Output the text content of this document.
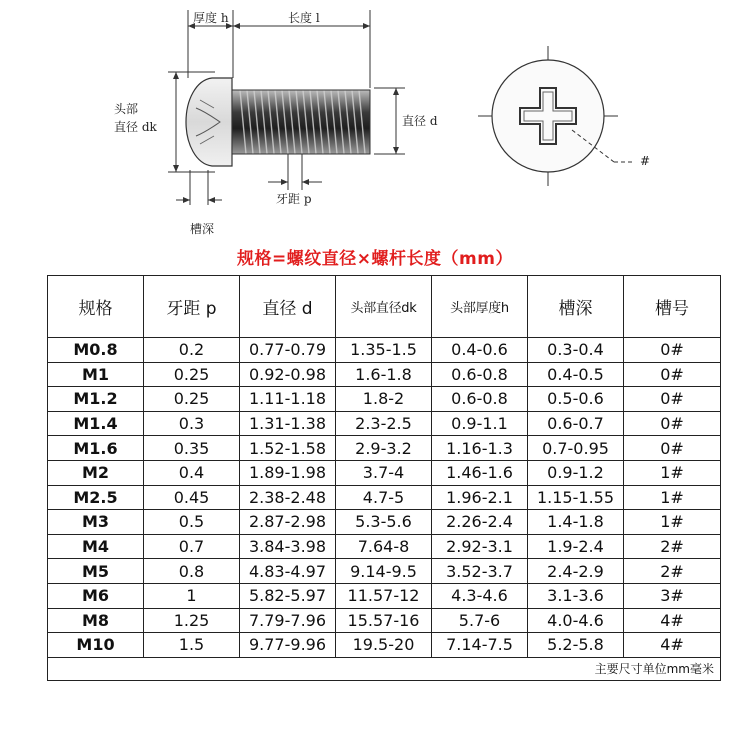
厚度 h	长度 l
头部
直径 dk	直径 d
牙距 p
槽深
#
规格=螺纹直径×螺杆长度（mm）
规格	牙距 p	直径 d	头部直径dk	头部厚度h	槽深	槽号
M0.8	0.2	0.77-0.79	1.35-1.5	0.4-0.6	0.3-0.4	0#
M1	0.25	0.92-0.98	1.6-1.8	0.6-0.8	0.4-0.5	0#
M1.2	0.25	1.11-1.18	1.8-2	0.6-0.8	0.5-0.6	0#
M1.4	0.3	1.31-1.38	2.3-2.5	0.9-1.1	0.6-0.7	0#
M1.6	0.35	1.52-1.58	2.9-3.2	1.16-1.3	0.7-0.95	0#
M2	0.4	1.89-1.98	3.7-4	1.46-1.6	0.9-1.2	1#
M2.5	0.45	2.38-2.48	4.7-5	1.96-2.1	1.15-1.55	1#
M3	0.5	2.87-2.98	5.3-5.6	2.26-2.4	1.4-1.8	1#
M4	0.7	3.84-3.98	7.64-8	2.92-3.1	1.9-2.4	2#
M5	0.8	4.83-4.97	9.14-9.5	3.52-3.7	2.4-2.9	2#
M6	1	5.82-5.97	11.57-12	4.3-4.6	3.1-3.6	3#
M8	1.25	7.79-7.96	15.57-16	5.7-6	4.0-4.6	4#
M10	1.5	9.77-9.96	19.5-20	7.14-7.5	5.2-5.8	4#
主要尺寸单位mm毫米						
